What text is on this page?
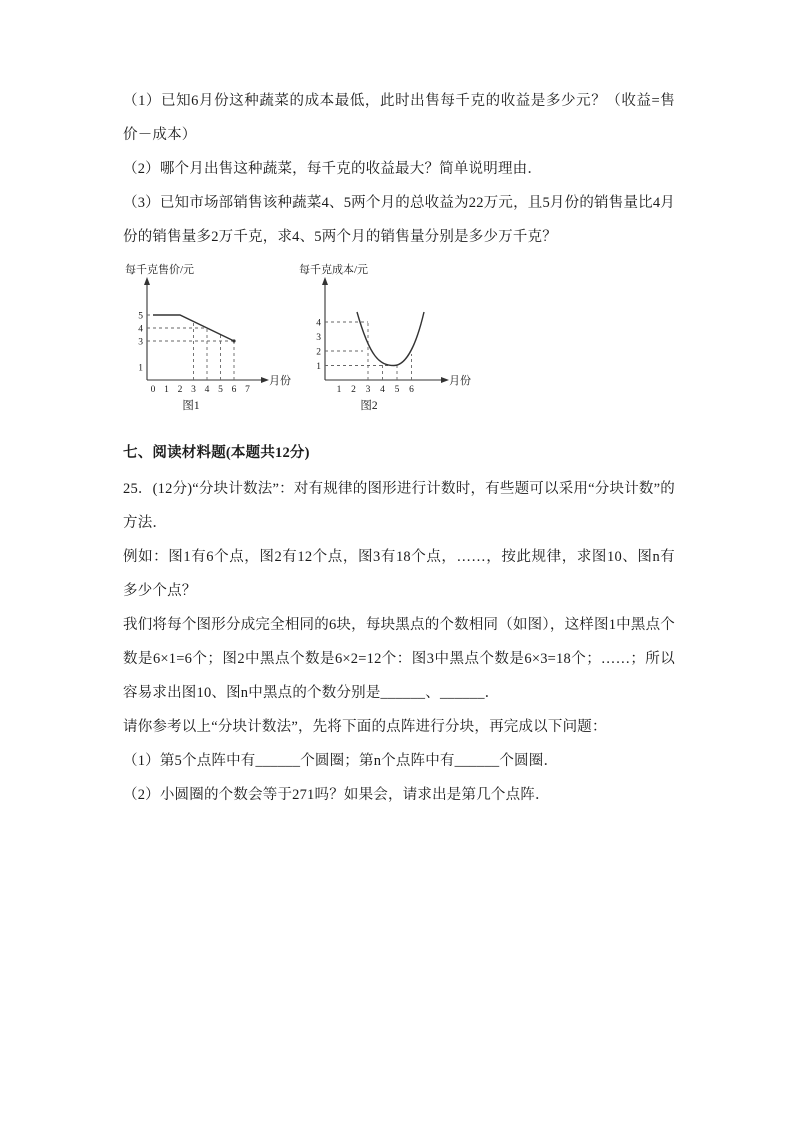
（1）已知6月份这种蔬菜的成本最低，此时出售每千克的收益是多少元？（收益=售价－成本）

（2）哪个月出售这种蔬菜，每千克的收益最大？简单说明理由．

（3）已知市场部销售该种蔬菜4、5两个月的总收益为22万元，且5月份的销售量比4月份的销售量多2万千克，求4、5两个月的销售量分别是多少万千克？

每千克售价/元
5
4
3
1
0 1 2 3 4 5 6 7
月份
图1
每千克成本/元
4
3
2
1
1 2 3 4 5 6
月份
图2

七、阅读材料题(本题共12分)

25．(12分)“分块计数法”：对有规律的图形进行计数时，有些题可以采用“分块计数”的方法．

例如：图1有6个点，图2有12个点，图3有18个点，……，按此规律，求图10、图n有多少个点？

我们将每个图形分成完全相同的6块，每块黑点的个数相同（如图），这样图1中黑点个数是6×1=6个；图2中黑点个数是6×2=12个：图3中黑点个数是6×3=18个；……；所以容易求出图10、图n中黑点的个数分别是______、______．

请你参考以上“分块计数法”，先将下面的点阵进行分块，再完成以下问题：

（1）第5个点阵中有______个圆圈；第n个点阵中有______个圆圈．

（2）小圆圈的个数会等于271吗？如果会，请求出是第几个点阵．
